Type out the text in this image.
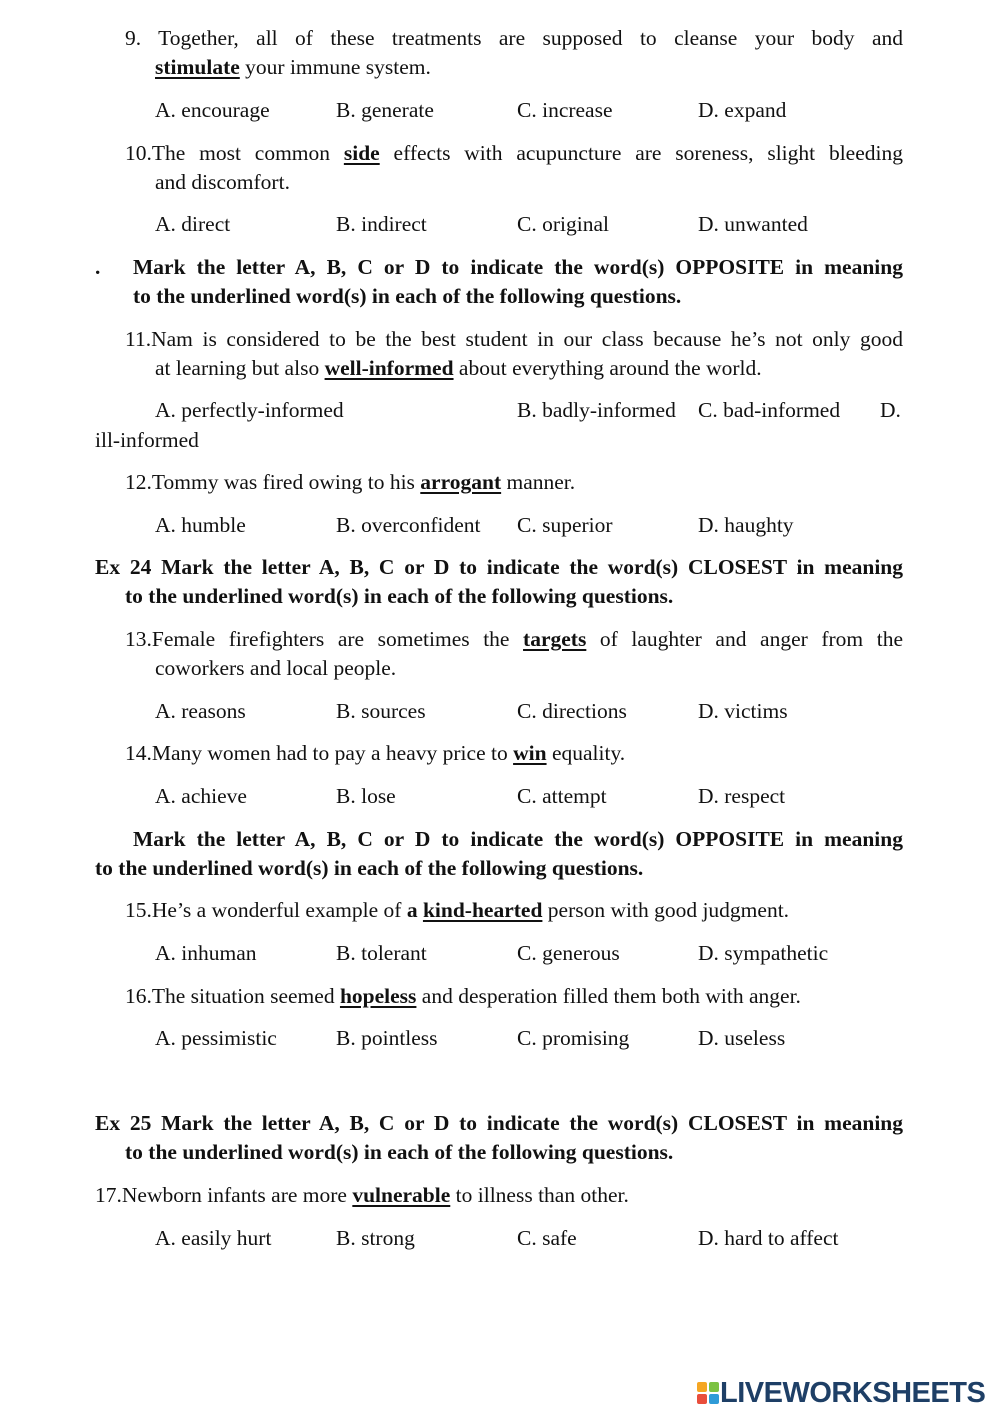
9. Together, all of these treatments are supposed to cleanse your body and
stimulate your immune system.
A. encourage	B. generate	C. increase	D. expand
10.The most common side effects with acupuncture are soreness, slight bleeding
and discomfort.
A. direct	B. indirect	C. original	D. unwanted
. Mark the letter A, B, C or D to indicate the word(s) OPPOSITE in meaning
to the underlined word(s) in each of the following questions.
11.Nam is considered to be the best student in our class because he’s not only good
at learning but also well-informed about everything around the world.
A. perfectly-informed	B. badly-informed C. bad-informed D.
ill-informed
12.Tommy was fired owing to his arrogant manner.
A. humble	B. overconfident C. superior	D. haughty
Ex 24 Mark the letter A, B, C or D to indicate the word(s) CLOSEST in meaning
to the underlined word(s) in each of the following questions.
13.Female firefighters are sometimes the targets of laughter and anger from the
coworkers and local people.
A. reasons	B. sources	C. directions	D. victims
14.Many women had to pay a heavy price to win equality.
A. achieve	B. lose	C. attempt	D. respect
Mark the letter A, B, C or D to indicate the word(s) OPPOSITE in meaning
to the underlined word(s) in each of the following questions.
15.He’s a wonderful example of a kind-hearted person with good judgment.
A. inhuman	B. tolerant	C. generous	D. sympathetic
16.The situation seemed hopeless and desperation filled them both with anger.
A. pessimistic	B. pointless	C. promising	D. useless
Ex 25 Mark the letter A, B, C or D to indicate the word(s) CLOSEST in meaning
to the underlined word(s) in each of the following questions.
17.Newborn infants are more vulnerable to illness than other.
A. easily hurt	B. strong	C. safe	D. hard to affect
LIVEWORKSHEETS
